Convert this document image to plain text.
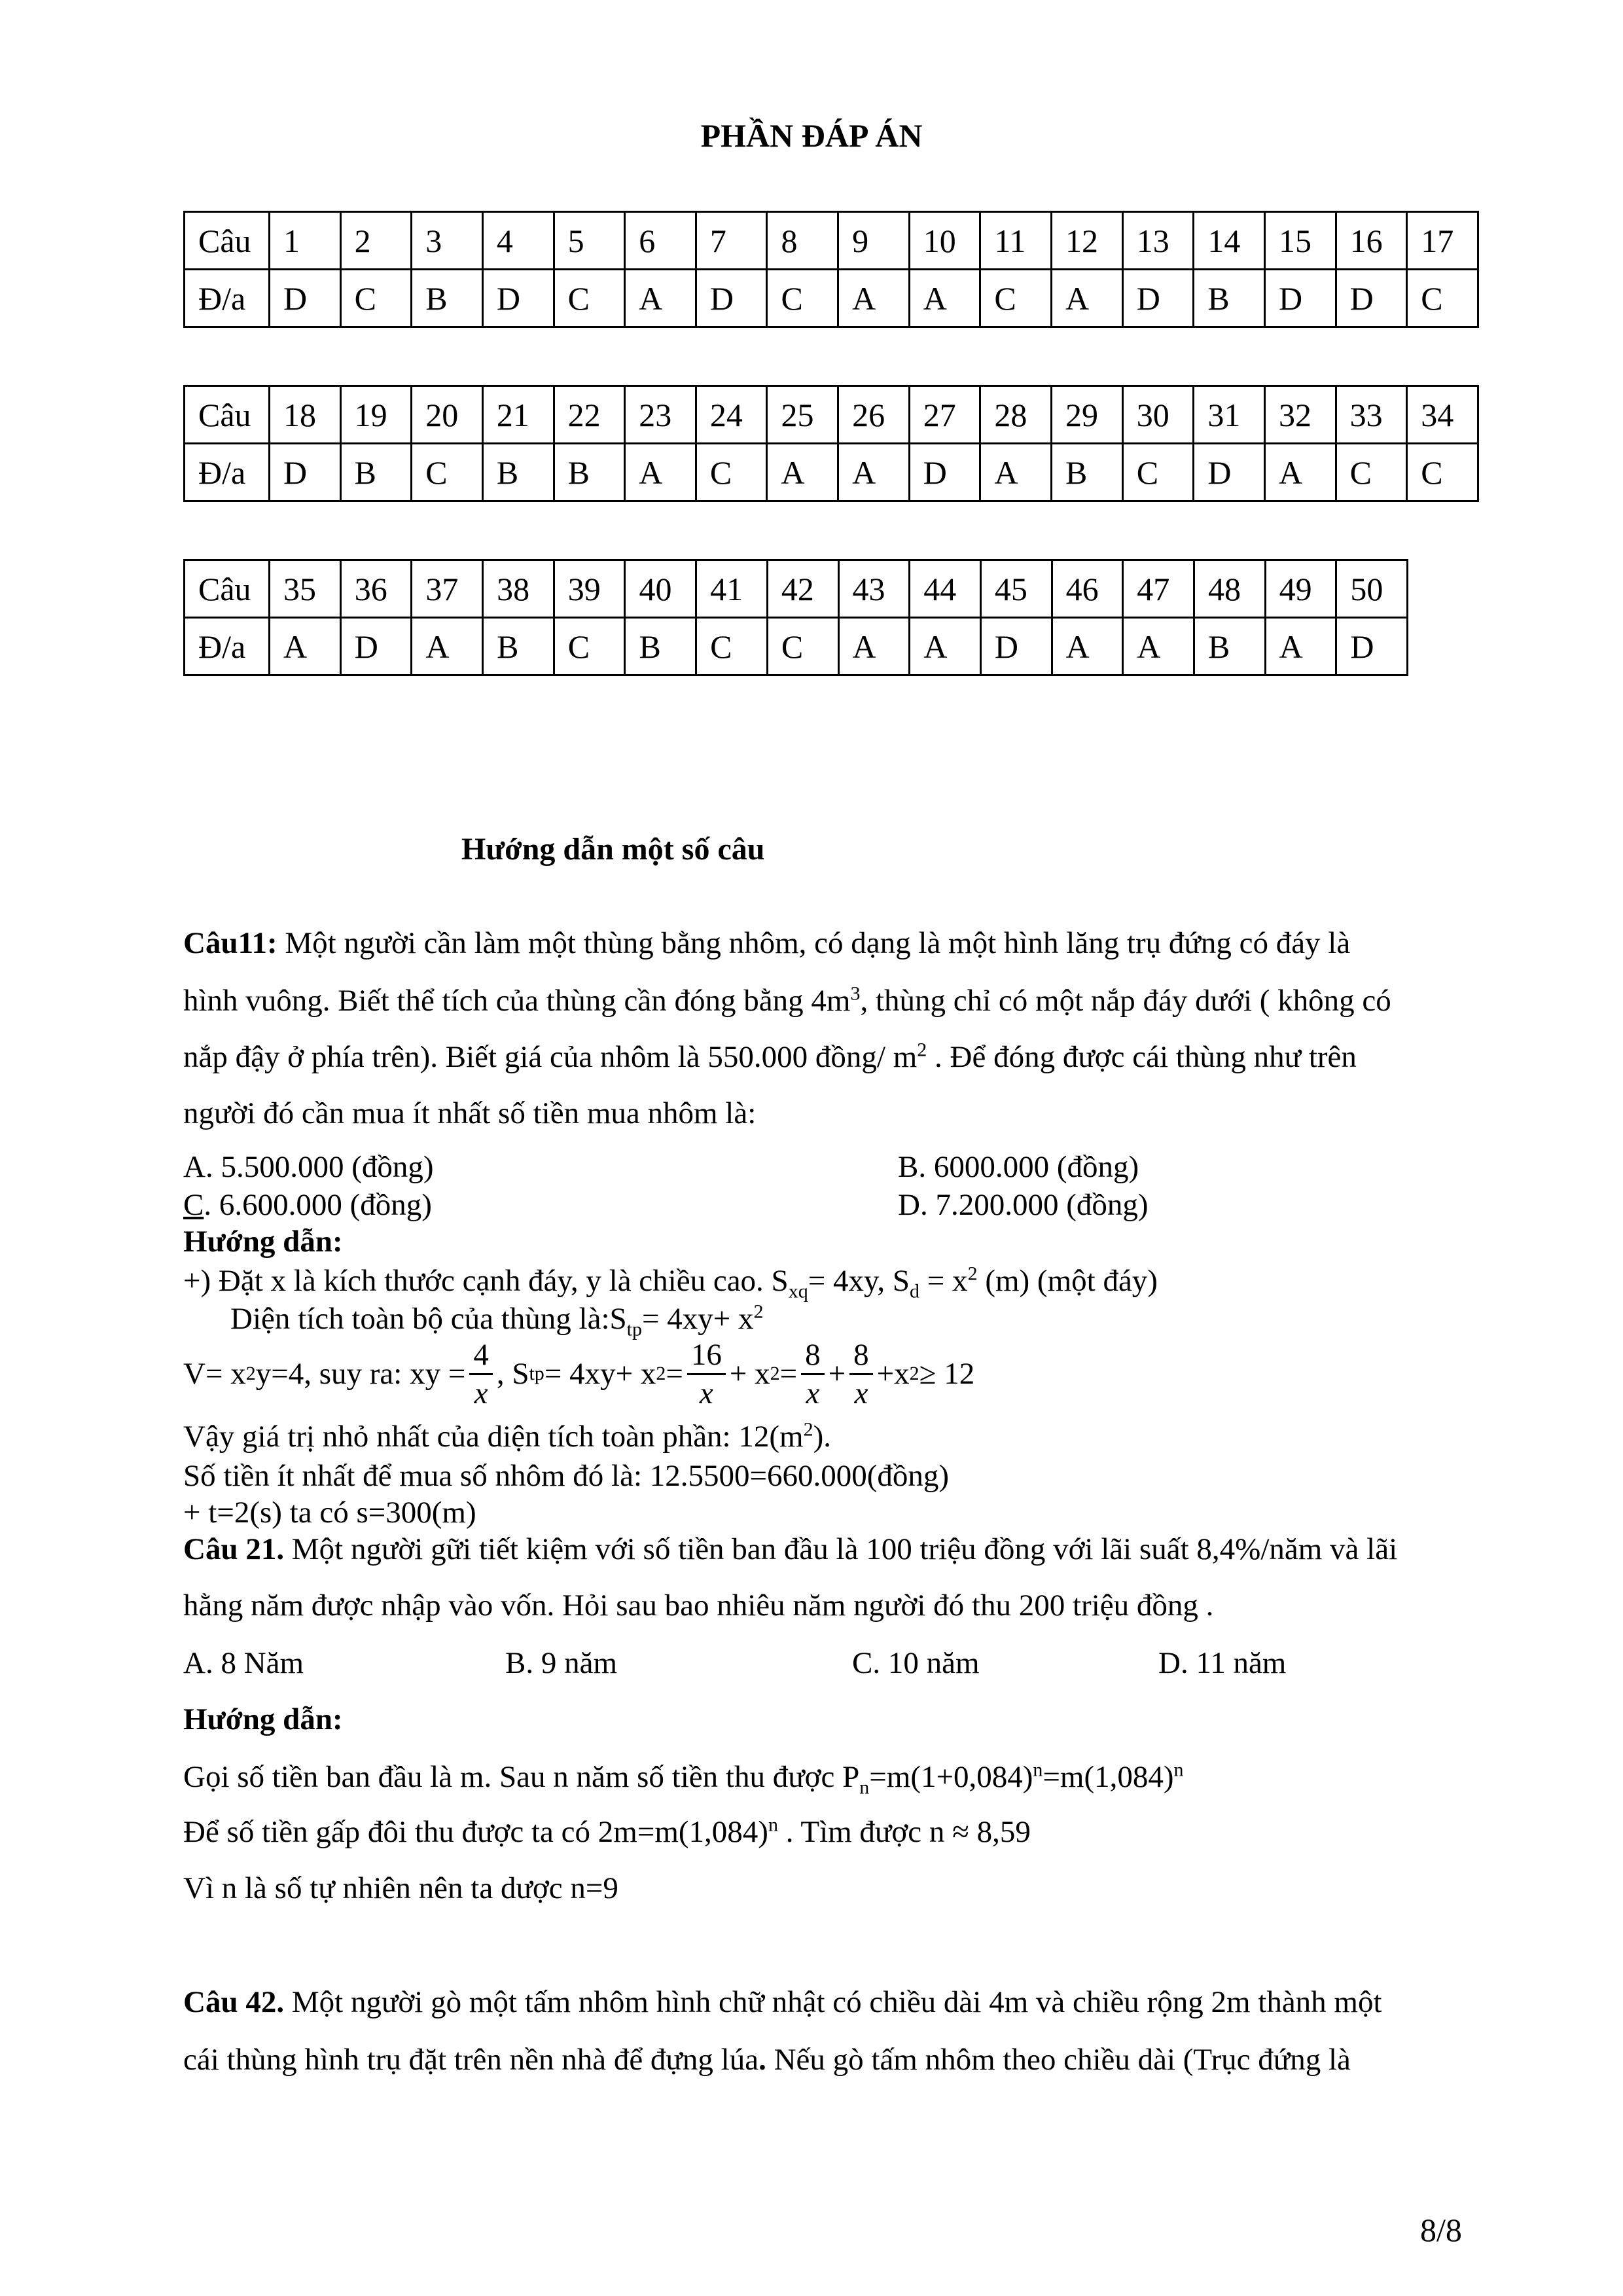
PHẦN ĐÁP ÁN
Câu	1	2	3	4	5	6	7	8	9	10	11	12	13	14	15	16	17
Đ/a	D	C	B	D	C	A	D	C	A	A	C	A	D	B	D	D	C
Câu	18	19	20	21	22	23	24	25	26	27	28	29	30	31	32	33	34
Đ/a	D	B	C	B	B	A	C	A	A	D	A	B	C	D	A	C	C
Câu	35	36	37	38	39	40	41	42	43	44	45	46	47	48	49	50
Đ/a	A	D	A	B	C	B	C	C	A	A	D	A	A	B	A	D
Hướng dẫn một số câu
Câu11: Một người cần làm một thùng bằng nhôm, có dạng là một hình lăng trụ đứng có đáy là
hình vuông. Biết thể tích của thùng cần đóng bằng $4m^3$, thùng chỉ có một nắp đáy dưới ( không có
nắp đậy ở phía trên). Biết giá của nhôm là 550.000 đồng/ $m^2$ . Để đóng được cái thùng như trên
người đó cần mua ít nhất số tiền mua nhôm là:
A. 5.500.000 (đồng)	B. 6000.000 (đồng)
C. 6.600.000 (đồng)	D. 7.200.000 (đồng)
Hướng dẫn:
+) Đặt x là kích thước cạnh đáy, y là chiều cao. $S_{xq}= 4xy$, $S_d = x^2$ (m) (một đáy)
Diện tích toàn bộ của thùng $là:S_{tp}= 4xy+ x^2$
V= x 2 y=4, suy ra: xy = $\frac{4}{x}$ , S tp = 4xy+ x $2 = \frac{16}{x} + x$ $2 = \frac{8}{x} + \frac{8}{x} +x$ 2 ≥ 12
Vậy giá trị nhỏ nhất của diện tích toàn phần: $12(m^2)$.
Số tiền ít nhất để mua số nhôm đó là: 12.5500=660.000(đồng)
+ t=2(s) ta có s=300(m)
Câu 21. Một người gữi tiết kiệm với số tiền ban đầu là 100 triệu đồng với lãi suất 8,4%/năm và lãi
hằng năm được nhập vào vốn. Hỏi sau bao nhiêu năm người đó thu 200 triệu đồng .
A. 8 Năm	B. 9 năm	C. 10 năm	D. 11 năm
Hướng dẫn:
Gọi số tiền ban đầu là m. Sau n năm số tiền thu được $P_n=m(1+0,084)^n=m(1,084)^n$
Để số tiền gấp đôi thu được ta có $2m=m(1,084)^n$ . Tìm được n ≈ 8,59
Vì n là số tự nhiên nên ta dược n=9
Câu 42. Một người gò một tấm nhôm hình chữ nhật có chiều dài 4m và chiều rộng 2m thành một
cái thùng hình trụ đặt trên nền nhà để đựng lúa. Nếu gò tấm nhôm theo chiều dài (Trục đứng là
8/8
